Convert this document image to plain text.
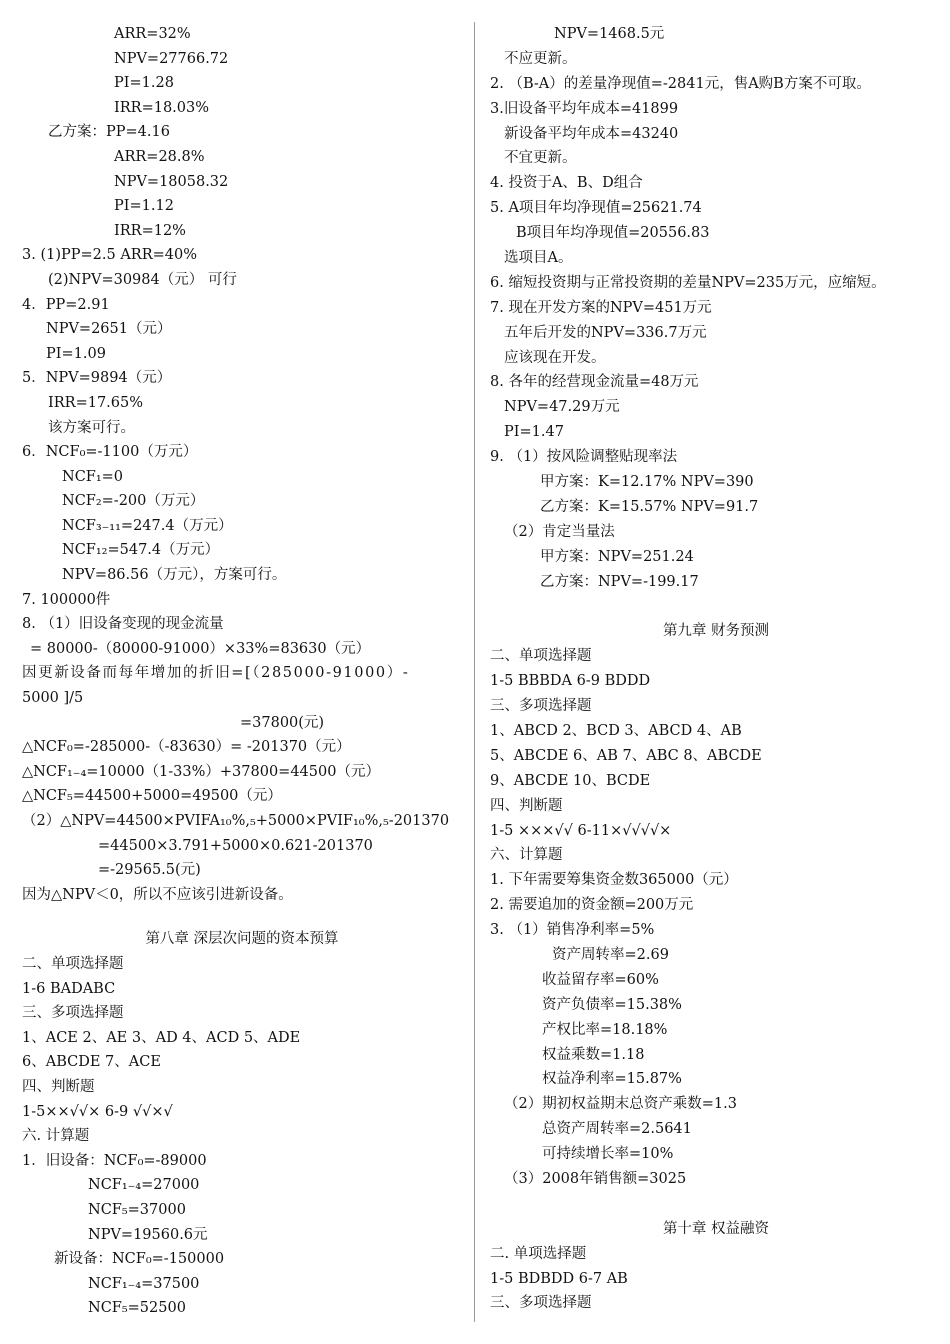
ARR=32%
NPV=27766.72
PI=1.28
IRR=18.03%
乙方案：PP=4.16
ARR=28.8%
NPV=18058.32
PI=1.12
IRR=12%
3. (1)PP=2.5 ARR=40%
(2)NPV=30984（元） 可行
4．PP=2.91
NPV=2651（元）
PI=1.09
5．NPV=9894（元）
IRR=17.65%
该方案可行。
6．NCF₀=-1100（万元）
NCF₁=0
NCF₂=-200（万元）
NCF₃₋₁₁=247.4（万元）
NCF₁₂=547.4（万元）
NPV=86.56（万元），方案可行。
7. 100000件
8. （1）旧设备变现的现金流量
= 80000-（80000-91000）×33%=83630（元）
因更新设备而每年增加的折旧=[（285000-91000）-
5000 ]/5
=37800(元)
△NCF₀=-285000-（-83630）= -201370（元）
△NCF₁₋₄=10000（1-33%）+37800=44500（元）
△NCF₅=44500+5000=49500（元）
（2）△NPV=44500×PVIFA₁₀%,₅+5000×PVIF₁₀%,₅-201370
=44500×3.791+5000×0.621-201370
=-29565.5(元)
因为△NPV＜0，所以不应该引进新设备。
第八章 深层次问题的资本预算
二、单项选择题
1-6 BADABC
三、多项选择题
1、ACE 2、AE 3、AD 4、ACD 5、ADE
6、ABCDE 7、ACE
四、判断题
1-5××√√× 6-9 √√×√
六. 计算题
1．旧设备：NCF₀=-89000
NCF₁₋₄=27000
NCF₅=37000
NPV=19560.6元
新设备：NCF₀=-150000
NCF₁₋₄=37500
NCF₅=52500
NPV=1468.5元
不应更新。
2. （B-A）的差量净现值=-2841元，售A购B方案不可取。
3.旧设备平均年成本=41899
新设备平均年成本=43240
不宜更新。
4. 投资于A、B、D组合
5. A项目年均净现值=25621.74
B项目年均净现值=20556.83
选项目A。
6. 缩短投资期与正常投资期的差量NPV=235万元，应缩短。
7. 现在开发方案的NPV=451万元
五年后开发的NPV=336.7万元
应该现在开发。
8. 各年的经营现金流量=48万元
NPV=47.29万元
PI=1.47
9. （1）按风险调整贴现率法
甲方案：K=12.17% NPV=390
乙方案：K=15.57% NPV=91.7
（2）肯定当量法
甲方案：NPV=251.24
乙方案：NPV=-199.17
第九章 财务预测
二、单项选择题
1-5 BBBDA 6-9 BDDD
三、多项选择题
1、ABCD 2、BCD 3、ABCD 4、AB
5、ABCDE 6、AB 7、ABC 8、ABCDE
9、ABCDE 10、BCDE
四、判断题
1-5 ×××√√ 6-11×√√√√×
六、计算题
1. 下年需要筹集资金数365000（元）
2. 需要追加的资金额=200万元
3. （1）销售净利率=5%
资产周转率=2.69
收益留存率=60%
资产负债率=15.38%
产权比率=18.18%
权益乘数=1.18
权益净利率=15.87%
（2）期初权益期末总资产乘数=1.3
总资产周转率=2.5641
可持续增长率=10%
（3）2008年销售额=3025
第十章 权益融资
二. 单项选择题
1-5 BDBDD 6-7 AB
三、多项选择题
